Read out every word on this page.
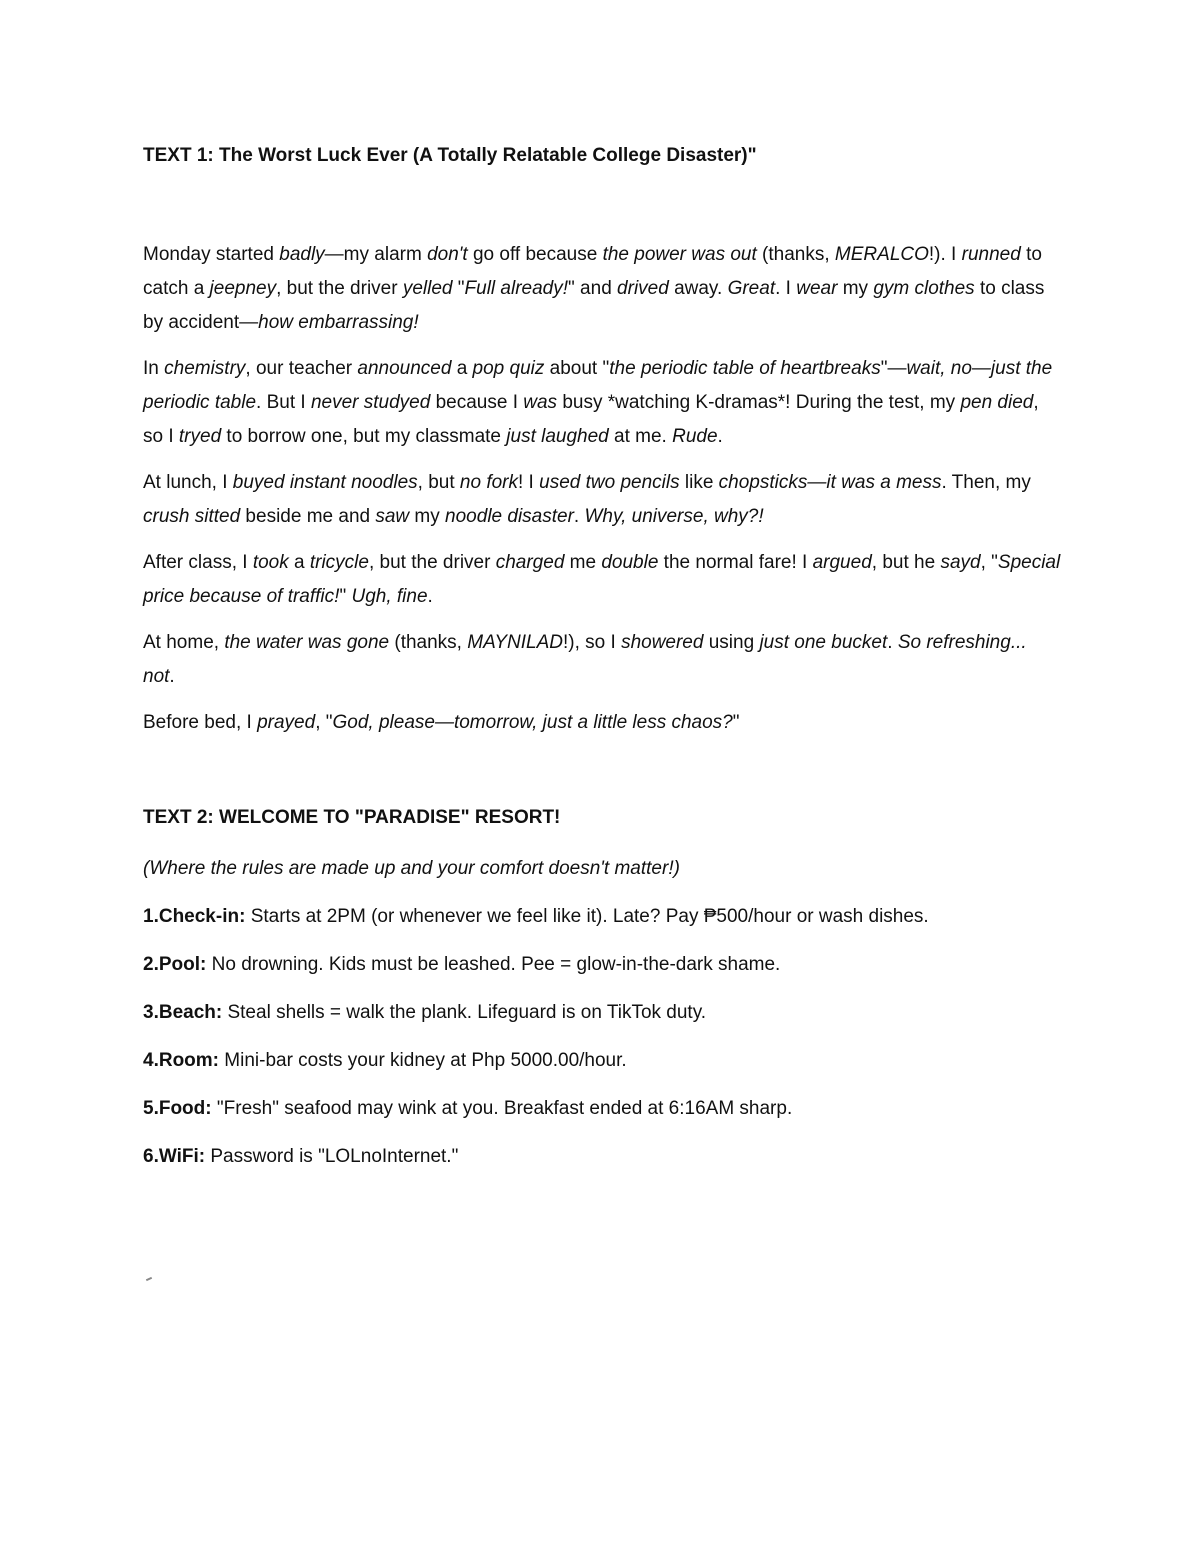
TEXT 1: The Worst Luck Ever (A Totally Relatable College Disaster)"

Monday started badly—my alarm don't go off because the power was out (thanks, MERALCO!). I runned to catch a jeepney, but the driver yelled "Full already!" and drived away. Great. I wear my gym clothes to class by accident—how embarrassing!

In chemistry, our teacher announced a pop quiz about "the periodic table of heartbreaks"—wait, no—just the periodic table. But I never studyed because I was busy *watching K-dramas*! During the test, my pen died, so I tryed to borrow one, but my classmate just laughed at me. Rude.

At lunch, I buyed instant noodles, but no fork! I used two pencils like chopsticks—it was a mess. Then, my crush sitted beside me and saw my noodle disaster. Why, universe, why?!

After class, I took a tricycle, but the driver charged me double the normal fare! I argued, but he sayd, "Special price because of traffic!" Ugh, fine.

At home, the water was gone (thanks, MAYNILAD!), so I showered using just one bucket. So refreshing... not.

Before bed, I prayed, "God, please—tomorrow, just a little less chaos?"

TEXT 2: WELCOME TO "PARADISE" RESORT!

(Where the rules are made up and your comfort doesn't matter!)

1.Check-in: Starts at 2PM (or whenever we feel like it). Late? Pay ₱500/hour or wash dishes.

2.Pool: No drowning. Kids must be leashed. Pee = glow-in-the-dark shame.

3.Beach: Steal shells = walk the plank. Lifeguard is on TikTok duty.

4.Room: Mini-bar costs your kidney at Php 5000.00/hour.

5.Food: "Fresh" seafood may wink at you. Breakfast ended at 6:16AM sharp.

6.WiFi: Password is "LOLnoInternet."
